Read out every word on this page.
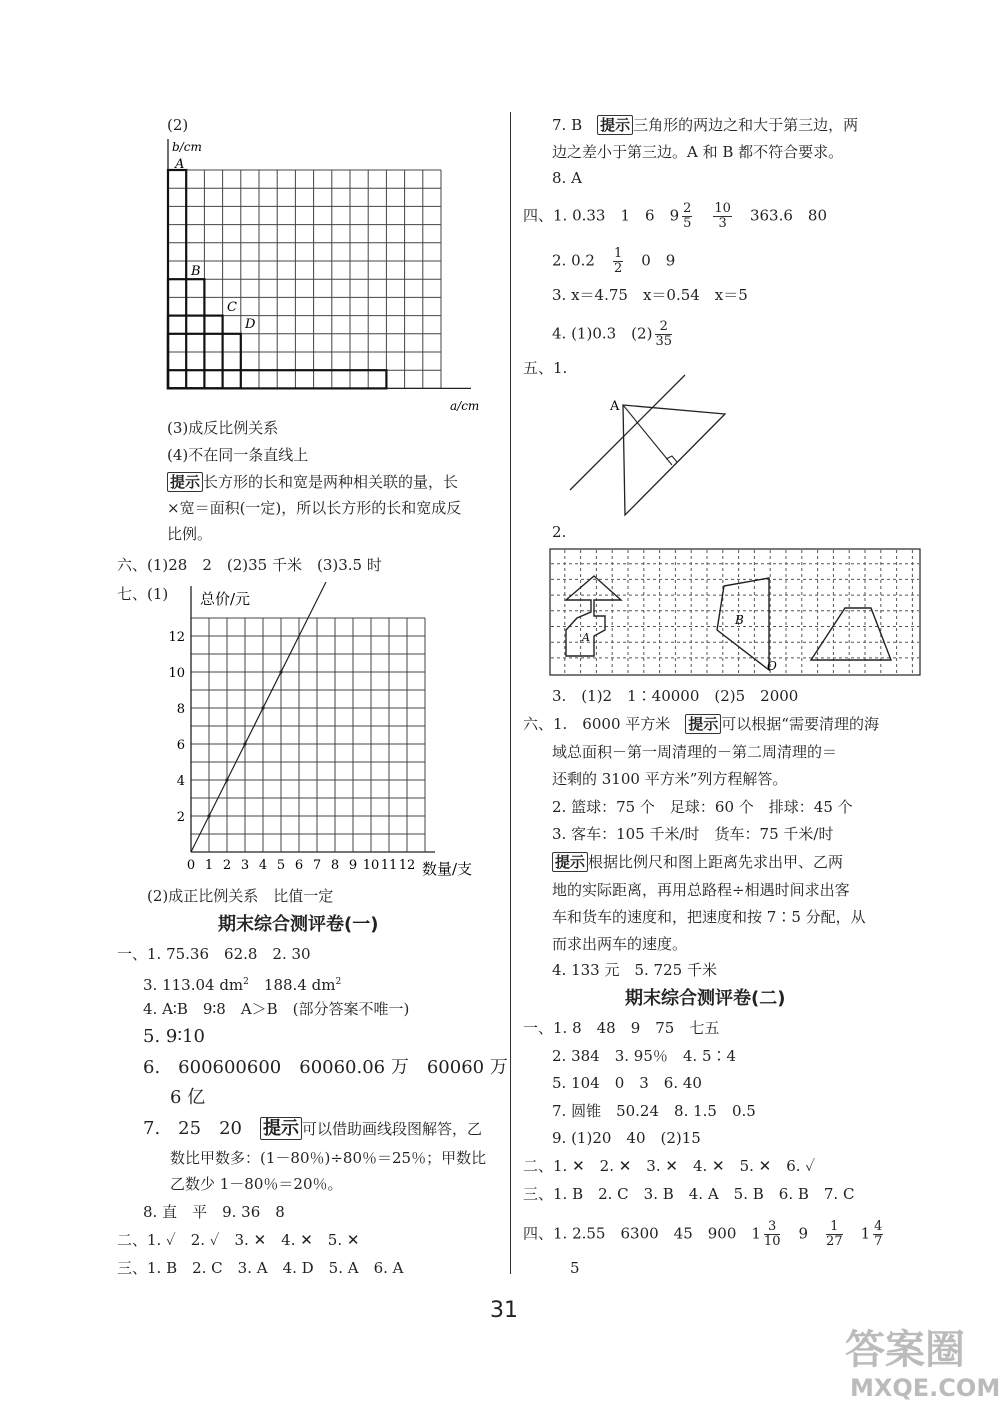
(2)
b/cm
a/cm
A
B
C
D
(3)成反比例关系
(4)不在同一条直线上
提示 长方形的长和宽是两种相关联的量，长
×宽＝面积(一定)，所以长方形的长和宽成反
比例。
六、(1)28　2　(2)35 千米　(3)3.5 时
七、(1)
2
4
6
8
10
12
0 1 2 3 4 5 6 7 8 9 10 11 12
总价/元
数量/支
(2)成正比例关系　比值一定
期末综合测评卷(一)
一、1. 75.36　62.8　2. 30
3. 113.04 $dm^2$　 188.4 $dm^2$
4. A∶B　9∶8　A＞B　(部分答案不唯一)
5. 9∶10
6.　600600600　60060.06 万　60060 万
6 亿
7.　25　20　 提示 可以借助画线段图解答，乙
数比甲数多：(1－80％)÷80％＝25％；甲数比
乙数少 1－80％＝20％。
8. 直　平　9. 36　8
二、1. ✓　2. ✓　3. ✕　4. ✕　5. ✕
三、1. B　2. C　3. A　4. D　5. A　6. A
7. B　 提示 三角形的两边之和大于第三边，两
边之差小于第三边。A 和 B 都不符合要求。
8. A
四、1. 0.33　1　6　$9 \frac{2}{5}$
　 $\frac{10}{3}$
　 363.6　80
2. 0.2　 $\frac{1}{2}$
　 0　9
3. x＝4.75　x＝0.54　x＝5
4. (1)0.3　$(2) \frac{2}{35}$
五、1.
A
2.
A
B
O
3.　(1)2　1∶40000　(2)5　2000
六、1.　6000 平方米　 提示 可以根据“需要清理的海
域总面积－第一周清理的－第二周清理的＝
还剩的 3100 平方米”列方程解答。
2. 篮球：75 个　足球：60 个　排球：45 个
3. 客车：105 千米/时　货车：75 千米/时
提示 根据比例尺和图上距离先求出甲、乙两
地的实际距离，再用总路程÷相遇时间求出客
车和货车的速度和，把速度和按 7∶5 分配，从
而求出两车的速度。
4. 133 元　5. 725 千米
期末综合测评卷(二)
一、1. 8　48　9　75　七五
2. 384　3. 95％　4. 5∶4
5. 104　0　3　6. 40
7. 圆锥　50.24　8. 1.5　0.5
9. (1)20　40　(2)15
二、1. ✕　2. ✕　3. ✕　4. ✕　5. ✕　6. ✓
三、1. B　2. C　3. B　4. A　5. B　6. B　7. C
四、1. 2.55　6300　45　900　$1 \frac{3}{10}$
　 9　 $\frac{1}{27}$
　 $1 \frac{4}{7}$
5
31
答案圈
MXQE.COM
